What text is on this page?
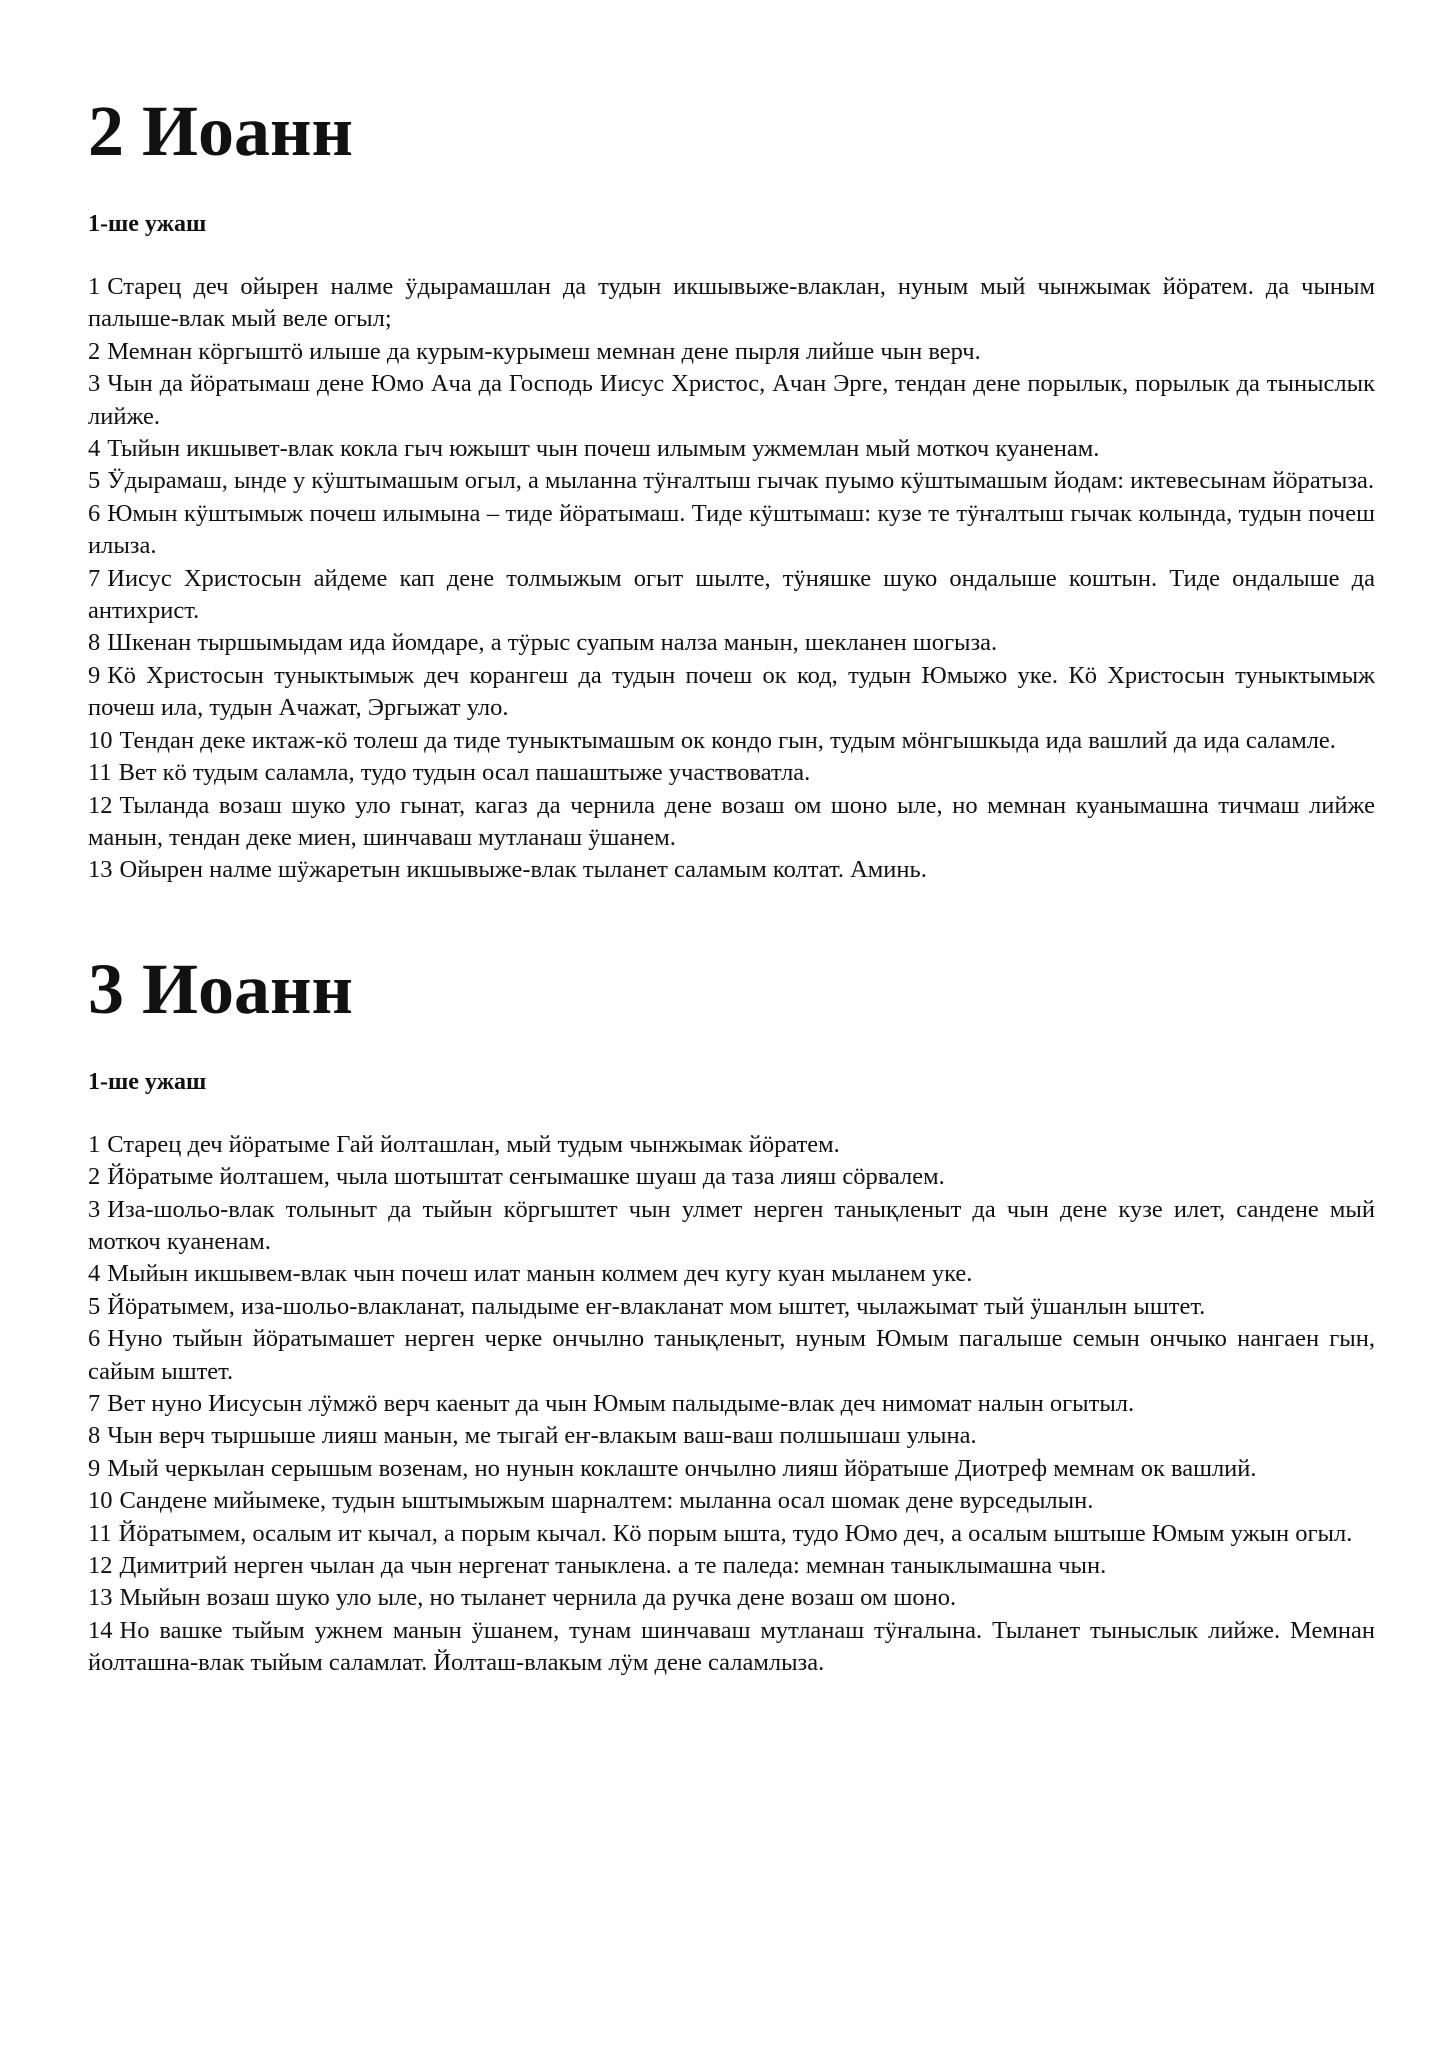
2 Иоанн
1-ше ужаш

1 Старец деч ойырен налме ӱдырамашлан да тудын икшывыже-влаклан, нуным мый чынжымак йӧратем. да чыным палыше-влак мый веле огыл;

2 Мемнан кӧргыштӧ илыше да курым-курымеш мемнан дене пырля лийше чын верч.

3 Чын да йӧратымаш дене Юмо Ача да Господь Иисус Христос, Ачан Эрге, тендан дене порылык, порылык да тыныслык лийже.

4 Тыйын икшывет-влак кокла гыч южышт чын почеш илымым ужмемлан мый моткоч куаненам.

5 Ӱдырамаш, ынде у кӱштымашым огыл, а мыланна тӱҥалтыш гычак пуымо кӱштымашым йодам: иктевесынам йӧратыза.

6 Юмын кӱштымыж почеш илымына – тиде йӧратымаш. Тиде кӱштымаш: кузе те тӱҥалтыш гычак колында, тудын почеш илыза.

7 Иисус Христосын айдеме кап дене толмыжым огыт шылте, тӱняшке шуко ондалыше коштын. Тиде ондалыше да антихрист.

8 Шкенан тыршымыдам ида йомдаре, а тӱрыс суапым налза манын, шекланен шогыза.

9 Кӧ Христосын туныктымыж деч корангеш да тудын почеш ок код, тудын Юмыжо уке. Кӧ Христосын туныктымыж почеш ила, тудын Ачажат, Эргыжат уло.

10 Тендан деке иктаж-кӧ толеш да тиде туныктымашым ок кондо гын, тудым мӧнгышкыда ида вашлий да ида саламле.

11 Вет кӧ тудым саламла, тудо тудын осал пашаштыже участвоватла.

12 Тыланда возаш шуко уло гынат, кагаз да чернила дене возаш ом шоно ыле, но мемнан куанымашна тичмаш лийже манын, тендан деке миен, шинчаваш мутланаш ӱшанем.

13 Ойырен налме шӱжаретын икшывыже-влак тыланет саламым колтат. Аминь.

3 Иоанн
1-ше ужаш

1 Старец деч йӧратыме Гай йолташлан, мый тудым чынжымак йӧратем.

2 Йӧратыме йолташем, чыла шотыштат сеҥымашке шуаш да таза лияш сӧрвалем.

3 Иза-шольо-влак толыныт да тыйын кӧргыштет чын улмет нерген танықленыт да чын дене кузе илет, сандене мый моткоч куаненам.

4 Мыйын икшывем-влак чын почеш илат манын колмем деч кугу куан мыланем уке.

5 Йӧратымем, иза-шольо-влакланат, палыдыме еҥ-влакланат мом ыштет, чылажымат тый ӱшанлын ыштет.

6 Нуно тыйын йӧратымашет нерген черке ончылно танықленыт, нуным Юмым пагалыше семын ончыко нангаен гын, сайым ыштет.

7 Вет нуно Иисусын лӱмжӧ верч каеныт да чын Юмым палыдыме-влак деч нимомат налын огытыл.

8 Чын верч тыршыше лияш манын, ме тыгай еҥ-влакым ваш-ваш полшышаш улына.

9 Мый черкылан серышым возенам, но нунын коклаште ончылно лияш йӧратыше Диотреф мемнам ок вашлий.

10 Сандене мийымеке, тудын ыштымыжым шарналтем: мыланна осал шомак дене вурседылын.

11 Йӧратымем, осалым ит кычал, а порым кычал. Кӧ порым ышта, тудо Юмо деч, а осалым ыштыше Юмым ужын огыл.

12 Димитрий нерген чылан да чын нергенат таныклена. а те паледа: мемнан таныклымашна чын.

13 Мыйын возаш шуко уло ыле, но тыланет чернила да ручка дене возаш ом шоно.

14 Но вашке тыйым ужнем манын ӱшанем, тунам шинчаваш мутланаш тӱҥалына. Тыланет тыныслык лийже. Мемнан йолташна-влак тыйым саламлат. Йолташ-влакым лӱм дене саламлыза.
